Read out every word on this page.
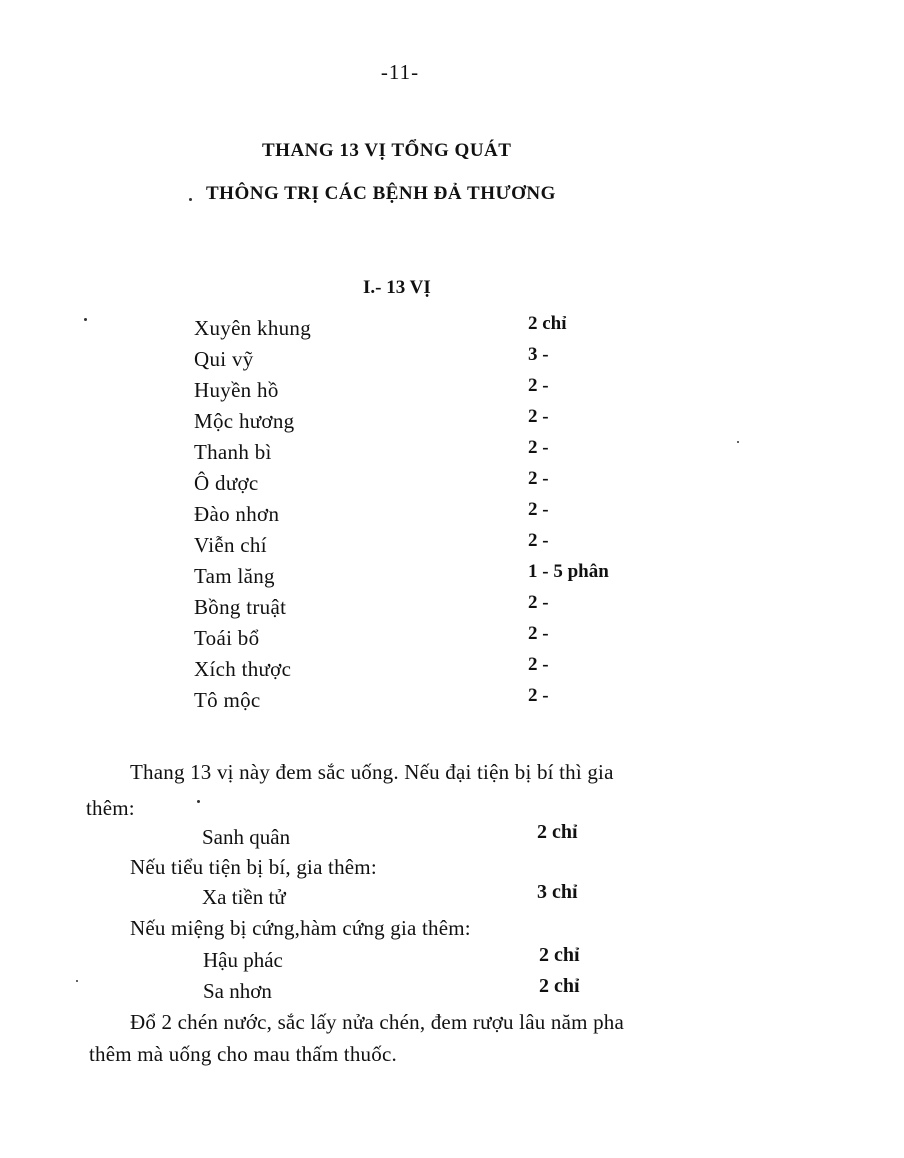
-11-
THANG 13 VỊ TỔNG QUÁT
THÔNG TRỊ CÁC BỆNH ĐẢ THƯƠNG
I.- 13 VỊ
Xuyên khung	2 chỉ
Qui vỹ	3 -
Huyền hồ	2 -
Mộc hương	2 -
Thanh bì	2 -
Ô dược	2 -
Đào nhơn	2 -
Viễn chí	2 -
Tam lăng	1 - 5 phân
Bồng truật	2 -
Toái bổ	2 -
Xích thược	2 -
Tô mộc	2 -
Thang 13 vị này đem sắc uống. Nếu đại tiện bị bí thì gia
thêm:
Sanh quân	2 chỉ
Nếu tiểu tiện bị bí, gia thêm:
Xa tiền tử	3 chỉ
Nếu miệng bị cứng,hàm cứng gia thêm:
Hậu phác	2 chỉ
Sa nhơn	2 chỉ
Đổ 2 chén nước, sắc lấy nửa chén, đem rượu lâu năm pha
thêm mà uống cho mau thấm thuốc.
